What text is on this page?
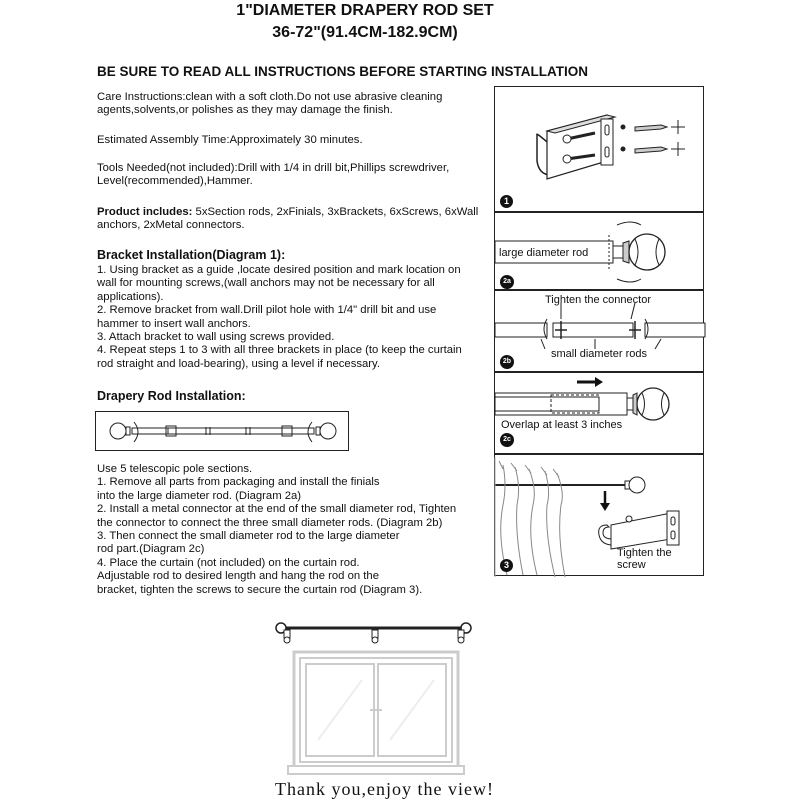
1"DIAMETER DRAPERY ROD SET
36-72"(91.4CM-182.9CM)
BE SURE TO READ ALL INSTRUCTIONS BEFORE STARTING INSTALLATION
Care Instructions:clean with a soft cloth.Do not use abrasive cleaning
agents,solvents,or polishes as they may damage the finish.
Estimated Assembly Time:Approximately 30 minutes.
Tools Needed(not included):Drill with 1/4 in drill bit,Phillips screwdriver,
Level(recommended),Hammer.
Product includes: 5xSection rods, 2xFinials, 3xBrackets, 6xScrews, 6xWall
anchors, 2xMetal connectors.
Bracket Installation(Diagram 1):
1. Using bracket as a guide ,locate desired position and mark location on
wall for mounting screws,(wall anchors may not be necessary for all
applications).
2. Remove bracket from wall.Drill pilot hole with 1/4" drill bit and use
hammer to insert wall anchors.
3. Attach bracket to wall using screws provided.
4. Repeat steps 1 to 3 with all three brackets in place (to keep the curtain
rod straight and load-bearing), using a level if necessary.
Drapery Rod Installation:
Use 5 telescopic pole sections.
1. Remove all parts from packaging and install the finials
into the large diameter rod. (Diagram 2a)
2. Install a metal connector at the end of the small diameter rod, Tighten
the connector to connect the three small diameter rods. (Diagram 2b)
3. Then connect the small diameter rod to the large diameter
rod part.(Diagram 2c)
4. Place the curtain (not included) on the curtain rod.
Adjustable rod to desired length and hang the rod on the
bracket, tighten the screws to secure the curtain rod (Diagram 3).
1
large diameter rod
2a
Tighten the connector
small diameter rods
2b
Overlap at least 3 inches
2c
Tighten the screw
3
Thank you,enjoy the view!
